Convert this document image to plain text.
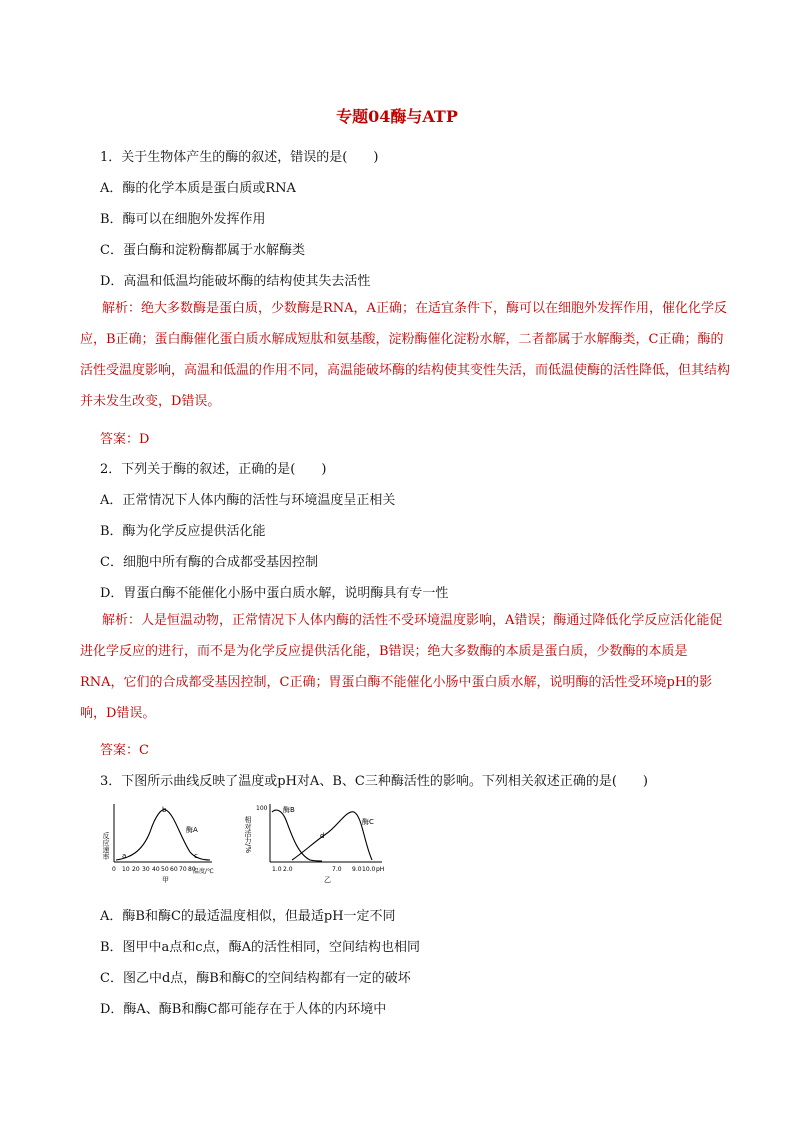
专题04酶与ATP
1．关于生物体产生的酶的叙述，错误的是(　　)
A．酶的化学本质是蛋白质或RNA
B．酶可以在细胞外发挥作用
C．蛋白酶和淀粉酶都属于水解酶类
D．高温和低温均能破坏酶的结构使其失去活性
解析：绝大多数酶是蛋白质，少数酶是RNA，A正确；在适宜条件下，酶可以在细胞外发挥作用，催化化学反应，B正确；蛋白酶催化蛋白质水解成短肽和氨基酸，淀粉酶催化淀粉水解，二者都属于水解酶类，C正确；酶的活性受温度影响，高温和低温的作用不同，高温能破坏酶的结构使其变性失活，而低温使酶的活性降低，但其结构并未发生改变，D错误。
答案：D
2．下列关于酶的叙述，正确的是(　　)
A．正常情况下人体内酶的活性与环境温度呈正相关
B．酶为化学反应提供活化能
C．细胞中所有酶的合成都受基因控制
D．胃蛋白酶不能催化小肠中蛋白质水解，说明酶具有专一性
解析：人是恒温动物，正常情况下人体内酶的活性不受环境温度影响，A错误；酶通过降低化学反应活化能促进化学反应的进行，而不是为化学反应提供活化能，B错误；绝大多数酶的本质是蛋白质，少数酶的本质是RNA，它们的合成都受基因控制，C正确；胃蛋白酶不能催化小肠中蛋白质水解，说明酶的活性受环境pH的影响，D错误。
答案：C
3．下图所示曲线反映了温度或pH对A、B、C三种酶活性的影响。下列相关叙述正确的是(　　)
反应速率 a
b
c
酶A
0 10 20 30 40 50 60 70 80
温度/℃
甲
相对活力/%
100 酶B
酶C
d
1.0 2.0	7.0 9.0 10.0 pH
乙
A．酶B和酶C的最适温度相似，但最适pH一定不同
B．图甲中a点和c点，酶A的活性相同，空间结构也相同
C．图乙中d点，酶B和酶C的空间结构都有一定的破坏
D．酶A、酶B和酶C都可能存在于人体的内环境中
